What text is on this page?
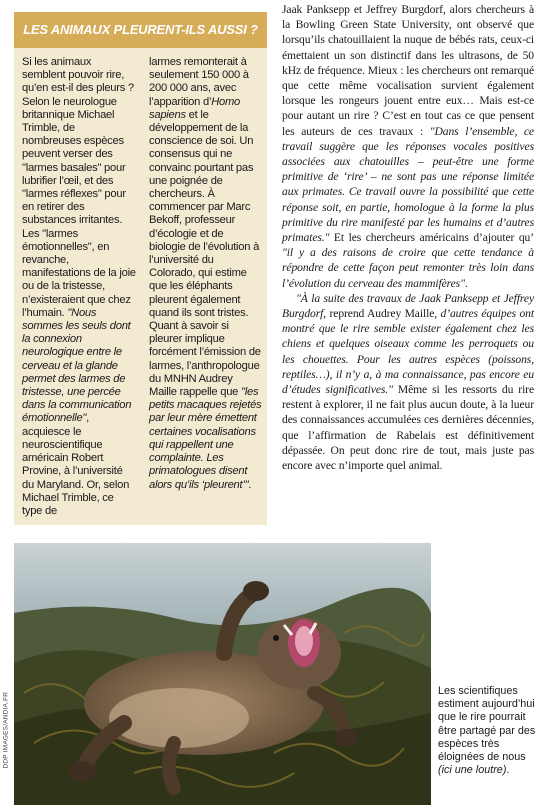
LES ANIMAUX PLEURENT-ILS AUSSI ?

Si les animaux semblent pouvoir rire, qu’en est-il des pleurs ? Selon le neurologue britannique Michael Trimble, de nombreuses espèces peuvent verser des "larmes basales" pour lubrifier l’œil, et des "larmes réflexes" pour en retirer des substances irritantes. Les "larmes émotionnelles", en revanche, manifestations de la joie ou de la tristesse, n’existeraient que chez l’humain. "Nous sommes les seuls dont la connexion neurologique entre le cerveau et la glande permet des larmes de tristesse, une percée dans la communication émotionnelle", acquiesce le neuroscientifique américain Robert Provine, à l’université du Maryland. Or, selon Michael Trimble, ce type de

larmes remonterait à seulement 150 000 à 200 000 ans, avec l’apparition d’Homo sapiens et le développement de la conscience de soi. Un consensus qui ne convainc pourtant pas une poignée de chercheurs. À commencer par Marc Bekoff, professeur d’écologie et de biologie de l’évolution à l’université du Colorado, qui estime que les éléphants pleurent également quand ils sont tristes. Quant à savoir si pleurer implique forcément l’émission de larmes, l’anthropologue du MNHN Audrey Maille rappelle que "les petits macaques rejetés par leur mère émettent certaines vocalisations qui rappellent une complainte. Les primatologues disent alors qu’ils ‘pleurent’".

Jaak Panksepp et Jeffrey Burgdorf, alors chercheurs à la Bowling Green State University, ont observé que lorsqu’ils chatouillaient la nuque de bébés rats, ceux-ci émettaient un son distinctif dans les ultrasons, de 50 kHz de fréquence. Mieux : les chercheurs ont remarqué que cette même vocalisation survient également lorsque les rongeurs jouent entre eux… Mais est-ce pour autant un rire ? C’est en tout cas ce que pensent les auteurs de ces travaux : "Dans l’ensemble, ce travail suggère que les réponses vocales positives associées aux chatouilles – peut-être une forme primitive de ‘rire’ – ne sont pas une réponse limitée aux primates. Ce travail ouvre la possibilité que cette réponse soit, en partie, homologue à la forme la plus primitive du rire manifesté par les humains et d’autres primates." Et les chercheurs américains d’ajouter qu’ "il y a des raisons de croire que cette tendance à répondre de cette façon peut remonter très loin dans l’évolution du cerveau des mammifères".

"À la suite des travaux de Jaak Panksepp et Jeffrey Burgdorf, reprend Audrey Maille, d’autres équipes ont montré que le rire semble exister également chez les chiens et quelques oiseaux comme les perroquets ou les chouettes. Pour les autres espèces (poissons, reptiles…), il n’y a, à ma connaissance, pas encore eu d’études significatives." Même si les ressorts du rire restent à explorer, il ne fait plus aucun doute, à la lueur des connaissances accumulées ces dernières décennies, que l’affirmation de Rabelais est définitivement dépassée. On peut donc rire de tout, mais juste pas encore avec n’importe quel animal.

DDP IMAGES/ANDIA.FR
Les scientifiques estiment aujourd’hui que le rire pourrait être partagé par des espèces très éloignées de nous (ici une loutre).
